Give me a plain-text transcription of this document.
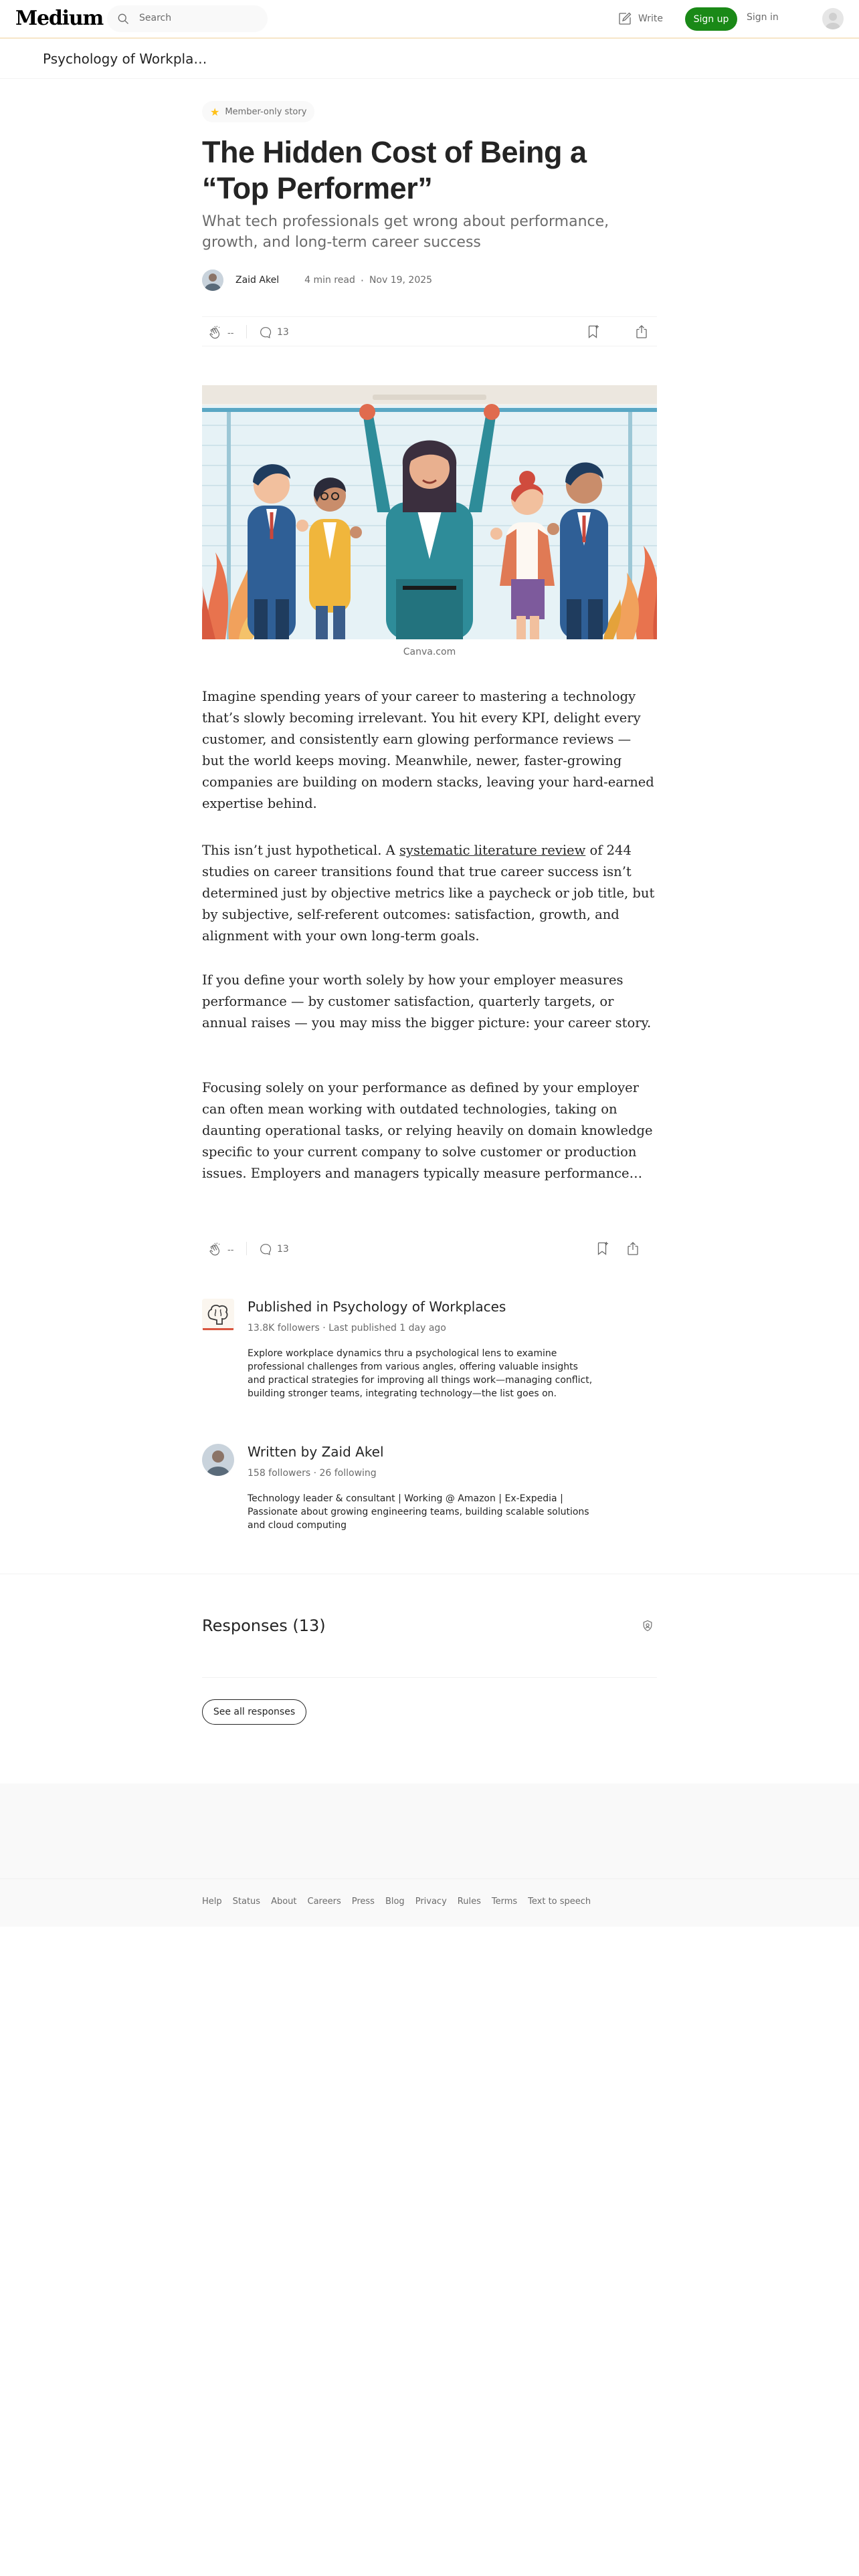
Medium	Search	Write	Sign up	Sign in
Psychology of Workpla…
★ Member-only story
The Hidden Cost of Being a “Top Performer”
What tech professionals get wrong about performance, growth, and long-term career success
Zaid Akel	4 min read · Nov 19, 2025
--	13
Canva.com

Imagine spending years of your career to mastering a technology that’s slowly becoming irrelevant. You hit every KPI, delight every customer, and consistently earn glowing performance reviews — but the world keeps moving. Meanwhile, newer, faster-growing companies are building on modern stacks, leaving your hard-earned expertise behind.

This isn’t just hypothetical. A systematic literature review of 244 studies on career transitions found that true career success isn’t determined just by objective metrics like a paycheck or job title, but by subjective, self-referent outcomes: satisfaction, growth, and alignment with your own long-term goals.

If you define your worth solely by how your employer measures performance — by customer satisfaction, quarterly targets, or annual raises — you may miss the bigger picture: your career story.

Focusing solely on your performance as defined by your employer can often mean working with outdated technologies, taking on daunting operational tasks, or relying heavily on domain knowledge specific to your current company to solve customer or production issues. Employers and managers typically measure performance…

--	13
Published in Psychology of Workplaces
13.8K followers · Last published 1 day ago
Explore workplace dynamics thru a psychological lens to examine professional challenges from various angles, offering valuable insights and practical strategies for improving all things work—managing conflict, building stronger teams, integrating technology—the list goes on.
Written by Zaid Akel
158 followers · 26 following
Technology leader & consultant | Working @ Amazon | Ex-Expedia | Passionate about growing engineering teams, building scalable solutions and cloud computing
Responses (13)
See all responses
Help Status About Careers Press Blog Privacy Rules Terms Text to speech
